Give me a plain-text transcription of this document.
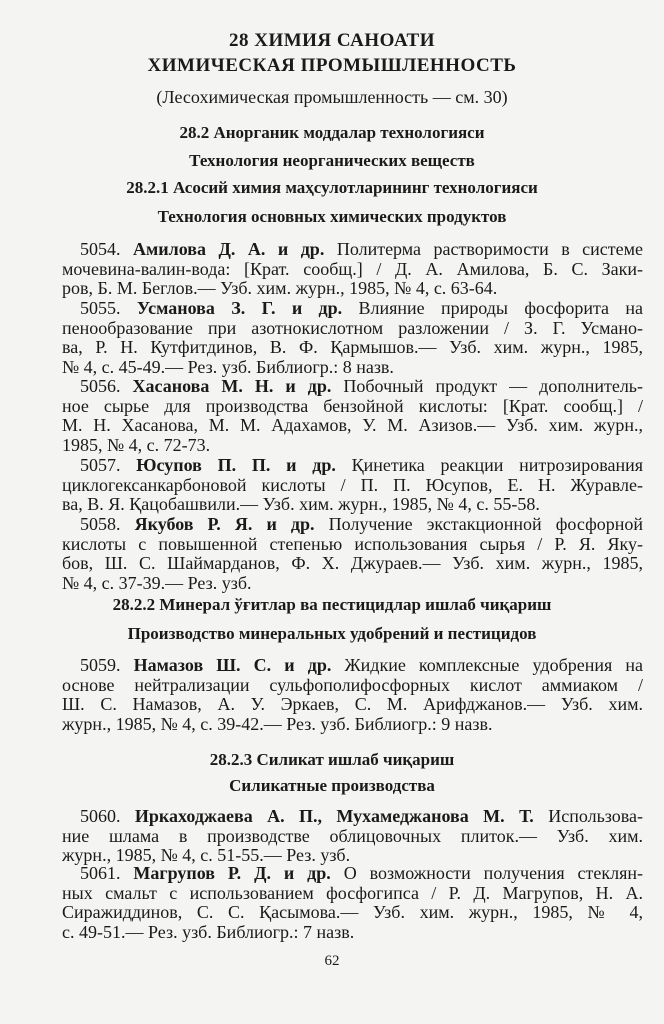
28 ХИМИЯ САНОАТИ
ХИМИЧЕСКАЯ ПРОМЫШЛЕННОСТЬ
(Лесохимическая промышленность — см. 30)
28.2 Анорганик моддалар технологияси
Технология неорганических веществ
28.2.1 Асосий химия маҳсулотларининг технологияси
Технология основных химических продуктов
5054. Амилова Д. А. и др. Политерма растворимости в системе
мочевина-валин-вода: [Крат. сообщ.] / Д. А. Амилова, Б. С. Заки-
ров, Б. М. Беглов.— Узб. хим. журн., 1985, № 4, с. 63-64.
5055. Усманова З. Г. и др. Влияние природы фосфорита на
пенообразование при азотнокислотном разложении / З. Г. Усмано-
ва, Р. Н. Кутфитдинов, В. Ф. Қармышов.— Узб. хим. журн., 1985,
№ 4, с. 45-49.— Рез. узб. Библиогр.: 8 назв.
5056. Хасанова М. Н. и др. Побочный продукт — дополнитель-
ное сырье для производства бензойной кислоты: [Крат. сообщ.] /
М. Н. Хасанова, М. М. Адахамов, У. М. Азизов.— Узб. хим. журн.,
1985, № 4, с. 72-73.
5057. Юсупов П. П. и др. Қинетика реакции нитрозирования
циклогексанкарбоновой кислоты / П. П. Юсупов, Е. Н. Журавле-
ва, В. Я. Қацобашвили.— Узб. хим. журн., 1985, № 4, с. 55-58.
5058. Якубов Р. Я. и др. Получение экстакционной фосфорной
кислоты с повышенной степенью использования сырья / Р. Я. Яку-
бов, Ш. С. Шаймарданов, Ф. Х. Джураев.— Узб. хим. журн., 1985,
№ 4, с. 37-39.— Рез. узб.
28.2.2 Минерал ўғитлар ва пестицидлар ишлаб чиқариш
Производство минеральных удобрений и пестицидов
5059. Намазов Ш. С. и др. Жидкие комплексные удобрения на
основе нейтрализации сульфополифосфорных кислот аммиаком /
Ш. С. Намазов, А. У. Эркаев, С. М. Арифджанов.— Узб. хим.
журн., 1985, № 4, с. 39-42.— Рез. узб. Библиогр.: 9 назв.
28.2.3 Силикат ишлаб чиқариш
Силикатные производства
5060. Иркаходжаева А. П., Мухамеджанова М. Т. Использова-
ние шлама в производстве облицовочных плиток.— Узб. хим.
журн., 1985, № 4, с. 51-55.— Рез. узб.
5061. Магрупов Р. Д. и др. О возможности получения стеклян-
ных смальт с использованием фосфогипса / Р. Д. Магрупов, Н. А.
Сиражиддинов, С. С. Қасымова.— Узб. хим. журн., 1985, № 4,
с. 49-51.— Рез. узб. Библиогр.: 7 назв.
62
